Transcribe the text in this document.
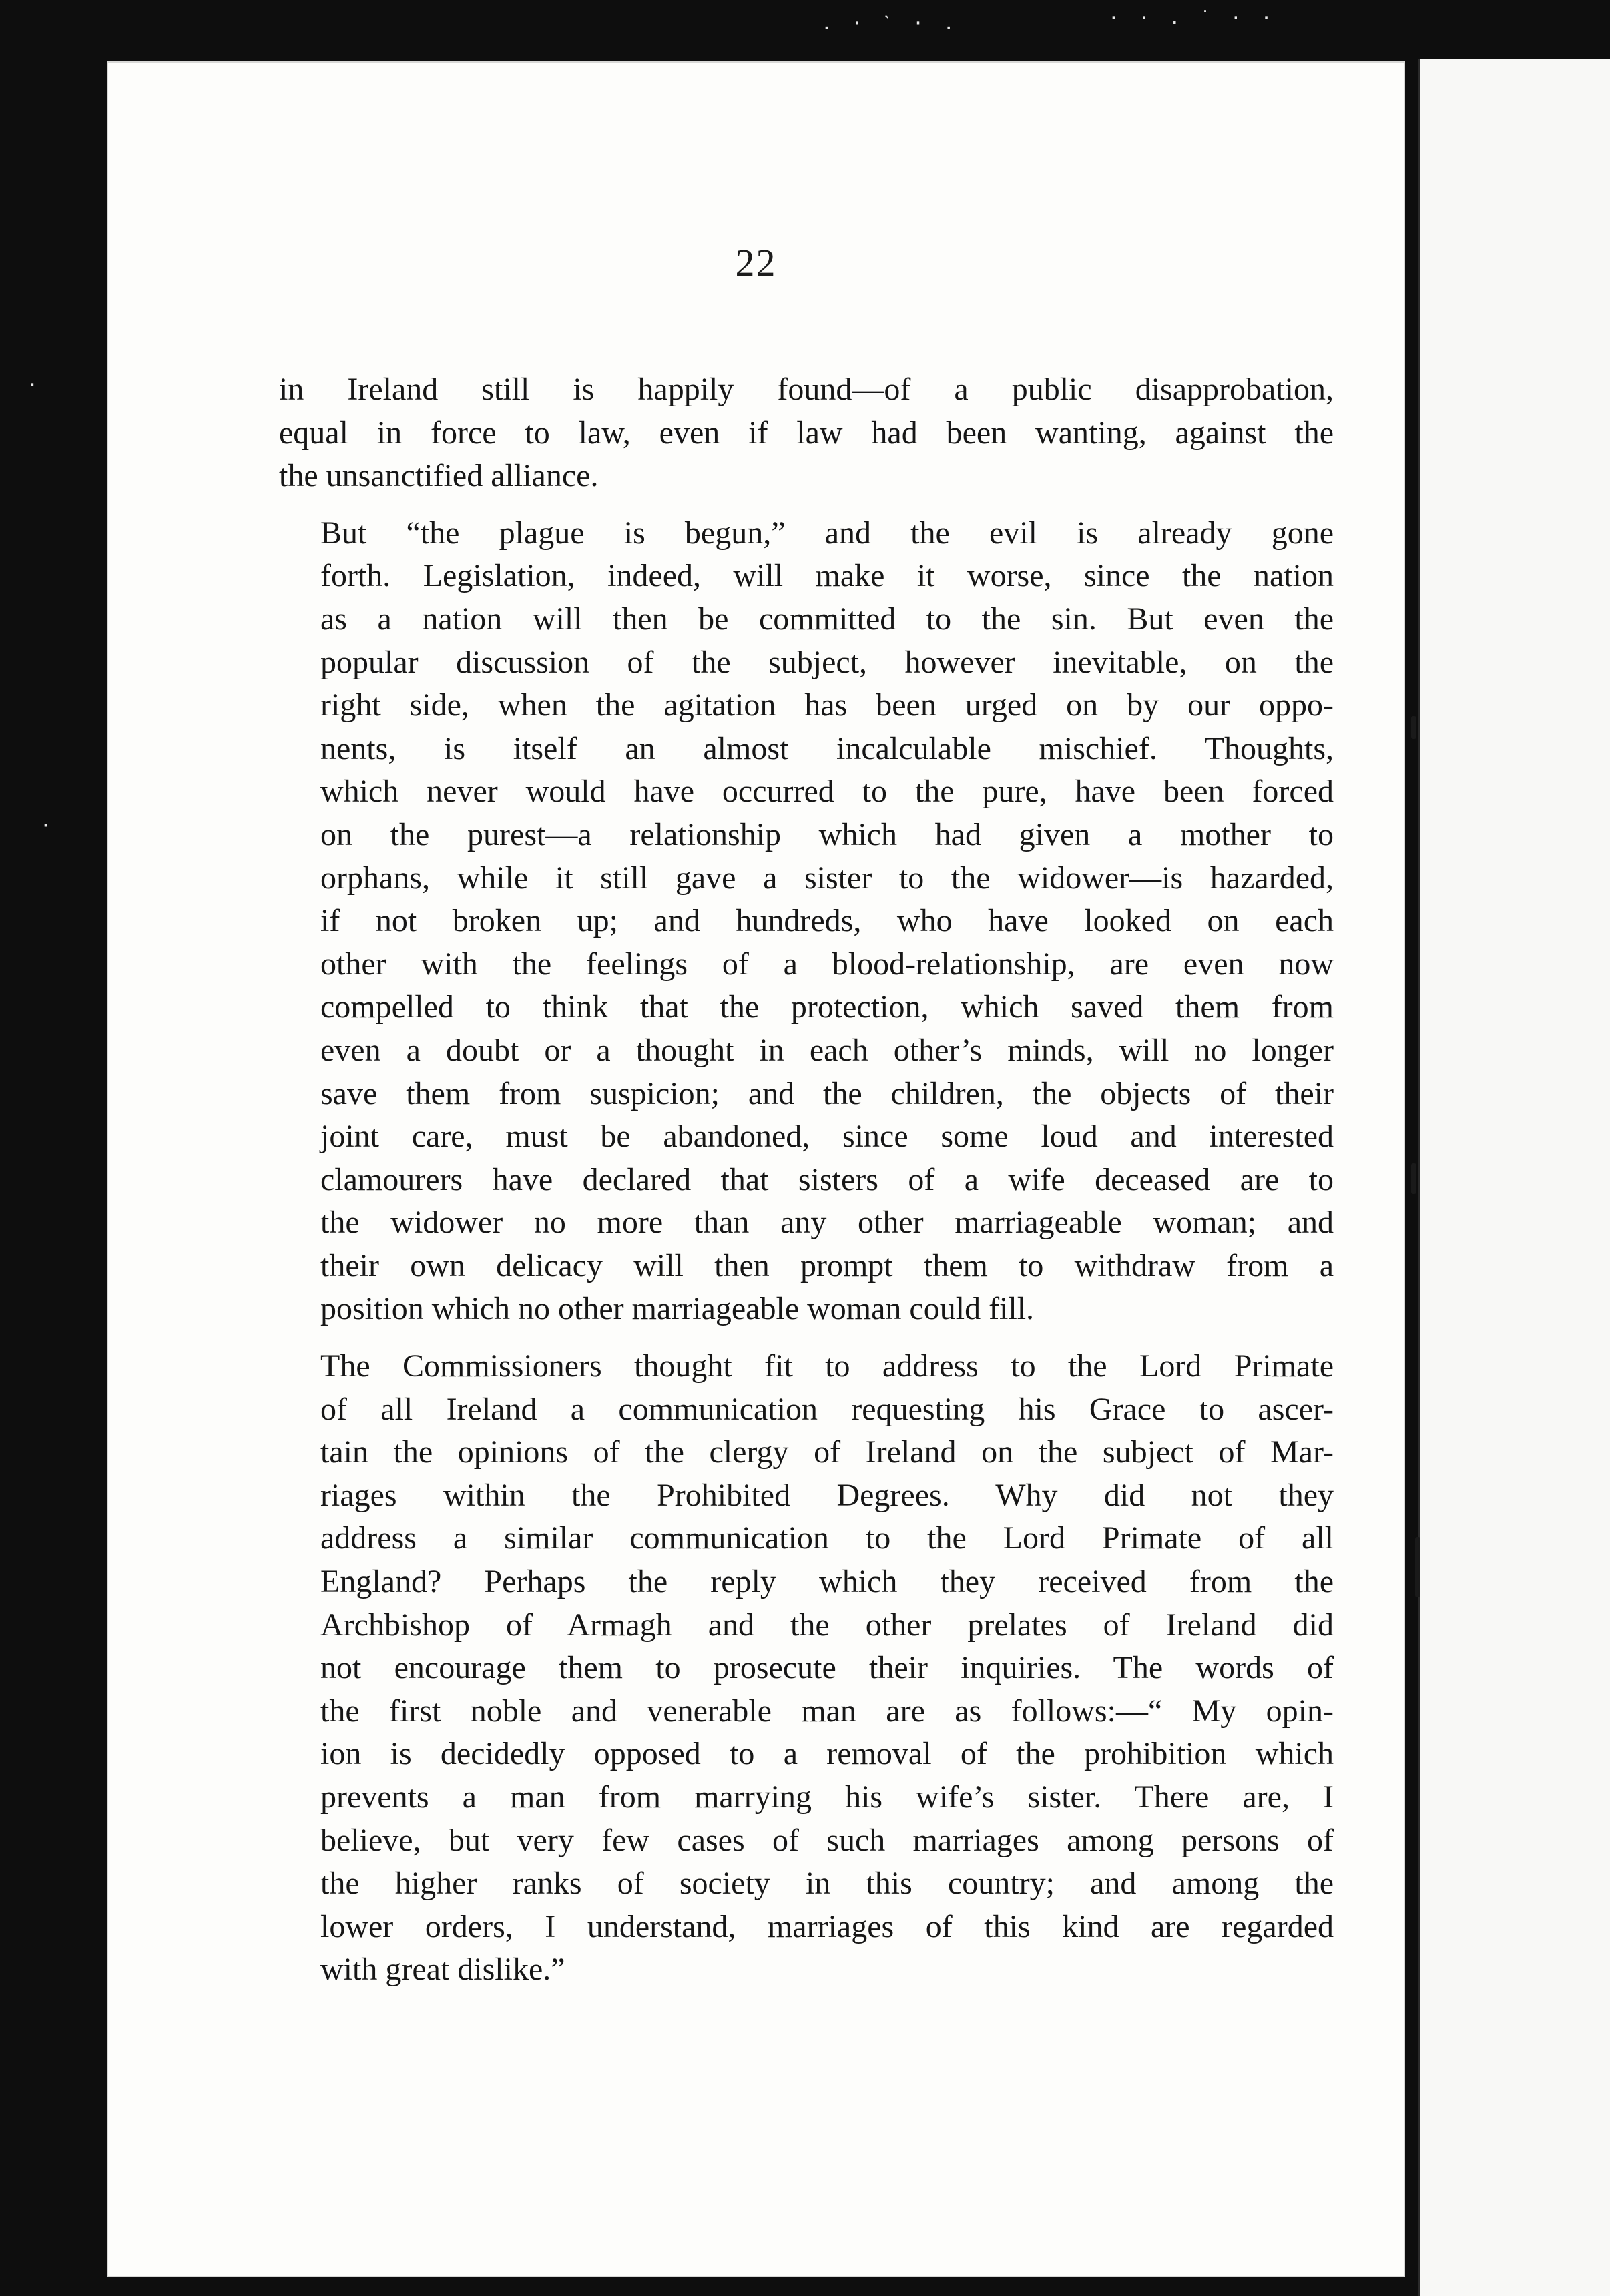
. · ˋ · .	· · . ˙ · ·
·
·
22
in Ireland still is happily found—of a public disapprobation,
equal in force to law, even if law had been wanting, against the
the unsanctified alliance.
But “the plague is begun,” and the evil is already gone
forth. Legislation, indeed, will make it worse, since the nation
as a nation will then be committed to the sin. But even the
popular discussion of the subject, however inevitable, on the
right side, when the agitation has been urged on by our oppo-
nents, is itself an almost incalculable mischief. Thoughts,
which never would have occurred to the pure, have been forced
on the purest—a relationship which had given a mother to
orphans, while it still gave a sister to the widower—is hazarded,
if not broken up; and hundreds, who have looked on each
other with the feelings of a blood-relationship, are even now
compelled to think that the protection, which saved them from
even a doubt or a thought in each other’s minds, will no longer
save them from suspicion; and the children, the objects of their
joint care, must be abandoned, since some loud and interested
clamourers have declared that sisters of a wife deceased are to
the widower no more than any other marriageable woman; and
their own delicacy will then prompt them to withdraw from a
position which no other marriageable woman could fill.
The Commissioners thought fit to address to the Lord Primate
of all Ireland a communication requesting his Grace to ascer-
tain the opinions of the clergy of Ireland on the subject of Mar-
riages within the Prohibited Degrees. Why did not they
address a similar communication to the Lord Primate of all
England? Perhaps the reply which they received from the
Archbishop of Armagh and the other prelates of Ireland did
not encourage them to prosecute their inquiries. The words of
the first noble and venerable man are as follows:—“ My opin-
ion is decidedly opposed to a removal of the prohibition which
prevents a man from marrying his wife’s sister. There are, I
believe, but very few cases of such marriages among persons of
the higher ranks of society in this country; and among the
lower orders, I understand, marriages of this kind are regarded
with great dislike.”
